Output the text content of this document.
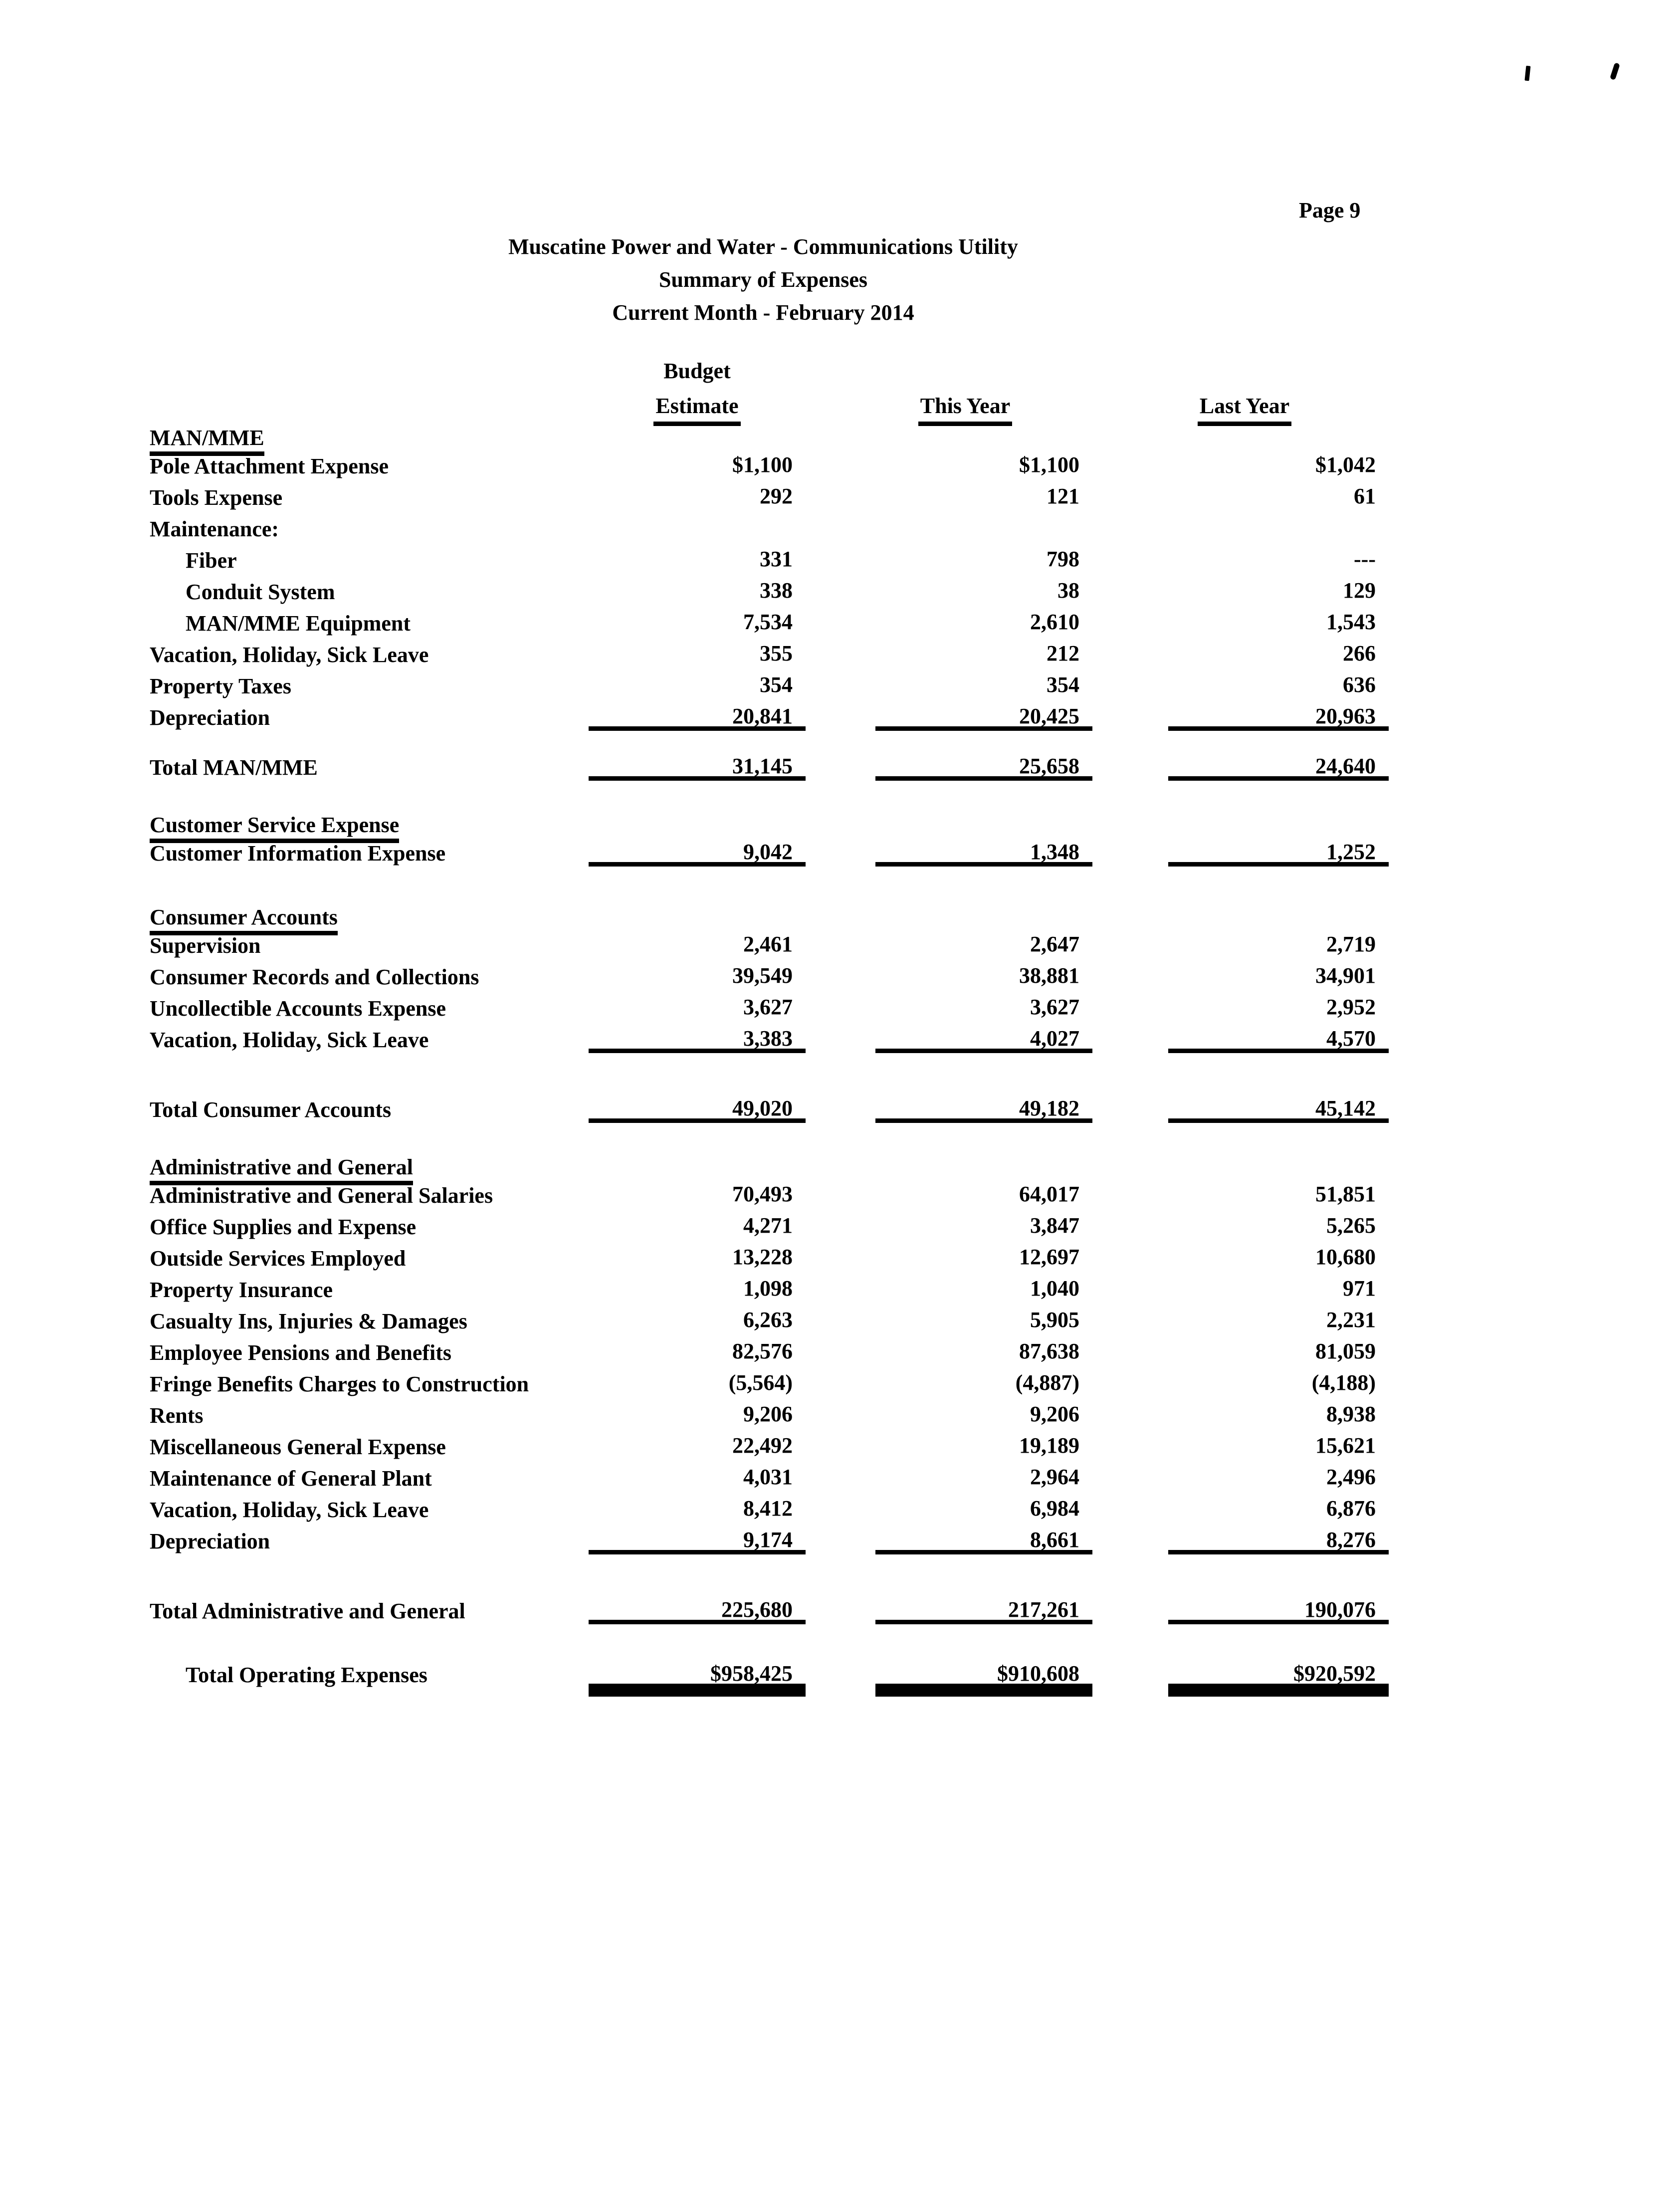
Page 9
Muscatine Power and Water - Communications Utility
Summary of Expenses
Current Month - February 2014
Budget
Estimate	This Year	Last Year
MAN/MME
Pole Attachment Expense	$1,100	$1,100	$1,042
Tools Expense	292	121	61
Maintenance:
Fiber	331	798	---
Conduit System	338	38	129
MAN/MME Equipment	7,534	2,610	1,543
Vacation, Holiday, Sick Leave	355	212	266
Property Taxes	354	354	636
Depreciation	20,841	20,425	20,963
Total MAN/MME	31,145	25,658	24,640
Customer Service Expense
Customer Information Expense	9,042	1,348	1,252
Consumer Accounts
Supervision	2,461	2,647	2,719
Consumer Records and Collections	39,549	38,881	34,901
Uncollectible Accounts Expense	3,627	3,627	2,952
Vacation, Holiday, Sick Leave	3,383	4,027	4,570
Total Consumer Accounts	49,020	49,182	45,142
Administrative and General
Administrative and General Salaries	70,493	64,017	51,851
Office Supplies and Expense	4,271	3,847	5,265
Outside Services Employed	13,228	12,697	10,680
Property Insurance	1,098	1,040	971
Casualty Ins, Injuries & Damages	6,263	5,905	2,231
Employee Pensions and Benefits	82,576	87,638	81,059
Fringe Benefits Charges to Construction	(5,564)	(4,887)	(4,188)
Rents	9,206	9,206	8,938
Miscellaneous General Expense	22,492	19,189	15,621
Maintenance of General Plant	4,031	2,964	2,496
Vacation, Holiday, Sick Leave	8,412	6,984	6,876
Depreciation	9,174	8,661	8,276
Total Administrative and General	225,680	217,261	190,076
Total Operating Expenses	$958,425	$910,608	$920,592
